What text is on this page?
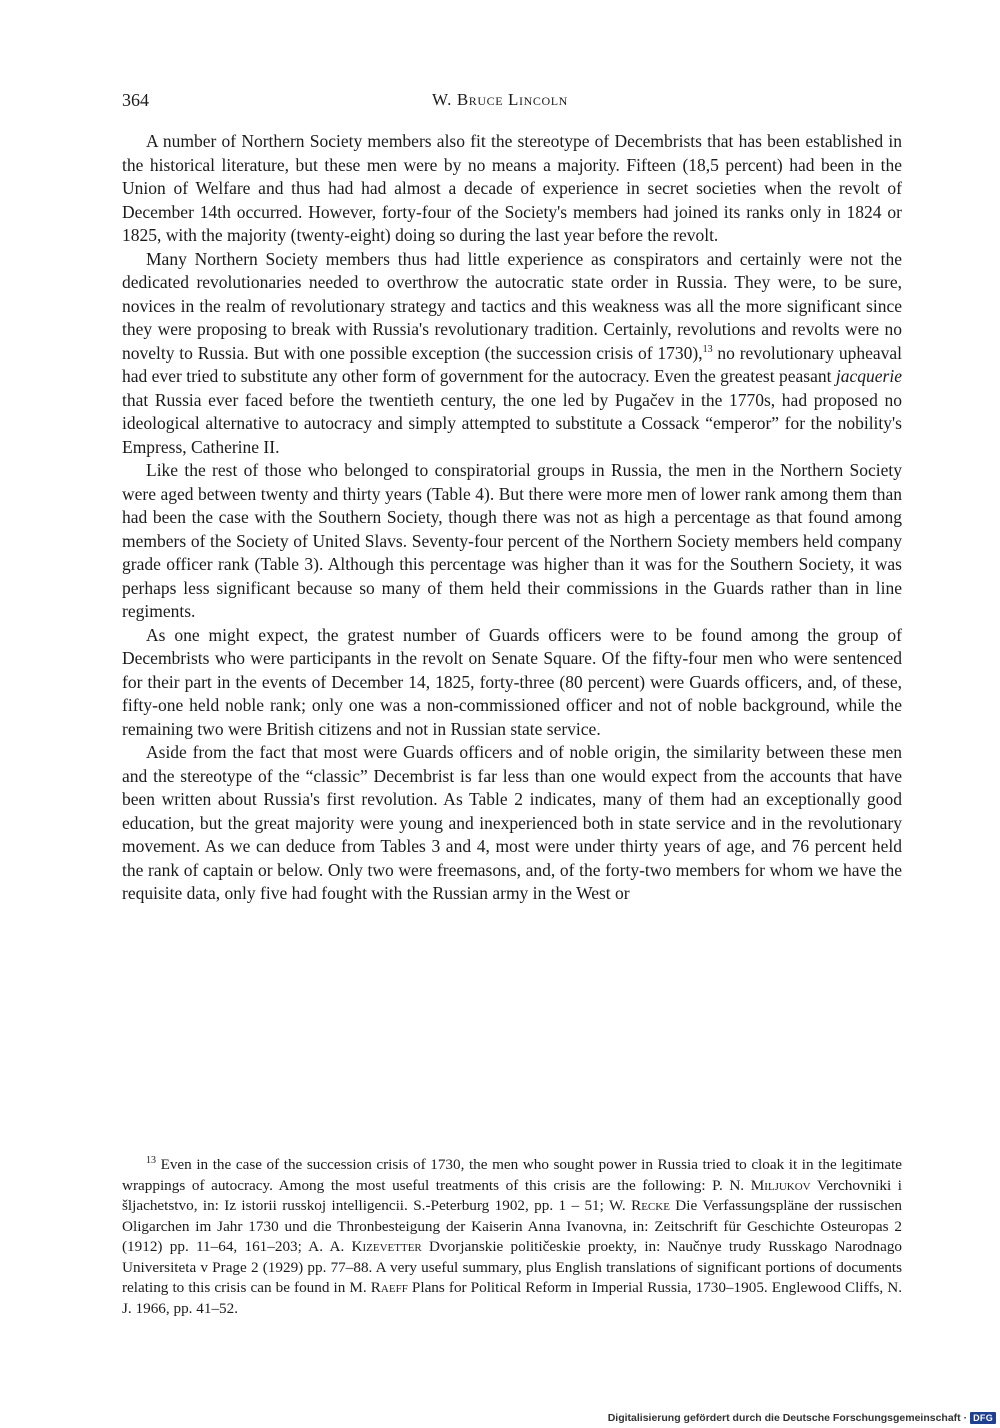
364	W. Bruce Lincoln

A number of Northern Society members also fit the stereotype of Decembrists that has been established in the historical literature, but these men were by no means a majority. Fifteen (18,5 percent) had been in the Union of Welfare and thus had had almost a decade of experience in secret societies when the revolt of December 14th occurred. However, forty-four of the Society's members had joined its ranks only in 1824 or 1825, with the majority (twenty-eight) doing so during the last year before the revolt.

Many Northern Society members thus had little experience as conspirators and certainly were not the dedicated revolutionaries needed to overthrow the autocratic state order in Russia. They were, to be sure, novices in the realm of revolutionary strategy and tactics and this weakness was all the more significant since they were proposing to break with Russia's revolutionary tradition. Certainly, revolutions and revolts were no novelty to Russia. But with one possible exception (the succession crisis of 1730),$^{13}$ no revolutionary upheaval had ever tried to substitute any other form of government for the autocracy. Even the greatest peasant jacquerie that Russia ever faced before the twentieth century, the one led by Pugačev in the 1770s, had proposed no ideological alternative to autocracy and simply attempted to substitute a Cossack “emperor” for the nobility's Empress, Catherine II.

Like the rest of those who belonged to conspiratorial groups in Russia, the men in the Northern Society were aged between twenty and thirty years (Table 4). But there were more men of lower rank among them than had been the case with the Southern Society, though there was not as high a percentage as that found among members of the Society of United Slavs. Seventy-four percent of the Northern Society members held company grade officer rank (Table 3). Although this percentage was higher than it was for the Southern Society, it was perhaps less significant because so many of them held their commissions in the Guards rather than in line regiments.

As one might expect, the gratest number of Guards officers were to be found among the group of Decembrists who were participants in the revolt on Senate Square. Of the fifty-four men who were sentenced for their part in the events of December 14, 1825, forty-three (80 percent) were Guards officers, and, of these, fifty-one held noble rank; only one was a non-commissioned officer and not of noble background, while the remaining two were British citizens and not in Russian state service.

Aside from the fact that most were Guards officers and of noble origin, the similarity between these men and the stereotype of the “classic” Decembrist is far less than one would expect from the accounts that have been written about Russia's first revolution. As Table 2 indicates, many of them had an exceptionally good education, but the great majority were young and inexperienced both in state service and in the revolutionary movement. As we can deduce from Tables 3 and 4, most were under thirty years of age, and 76 percent held the rank of captain or below. Only two were freemasons, and, of the forty-two members for whom we have the requisite data, only five had fought with the Russian army in the West or

$^{13}$ Even in the case of the succession crisis of 1730, the men who sought power in Russia tried to cloak it in the legitimate wrappings of autocracy. Among the most useful treatments of this crisis are the following: P. N. Miljukov Verchovniki i šljachetstvo, in: Iz istorii russkoj intelligencii. S.-Peterburg 1902, pp. 1 – 51; W. Recke Die Verfassungspläne der russischen Oligarchen im Jahr 1730 und die Thronbesteigung der Kaiserin Anna Ivanovna, in: Zeitschrift für Geschichte Osteuropas 2 (1912) pp. 11–64, 161–203; A. A. Kizevetter Dvorjanskie političeskie proekty, in: Naučnye trudy Russkago Narodnago Universiteta v Prage 2 (1929) pp. 77–88. A very useful summary, plus English translations of significant portions of documents relating to this crisis can be found in M. Raeff Plans for Political Reform in Imperial Russia, 1730–1905. Englewood Cliffs, N. J. 1966, pp. 41–52.
Digitalisierung gefördert durch die Deutsche Forschungsgemeinschaft · DFG
